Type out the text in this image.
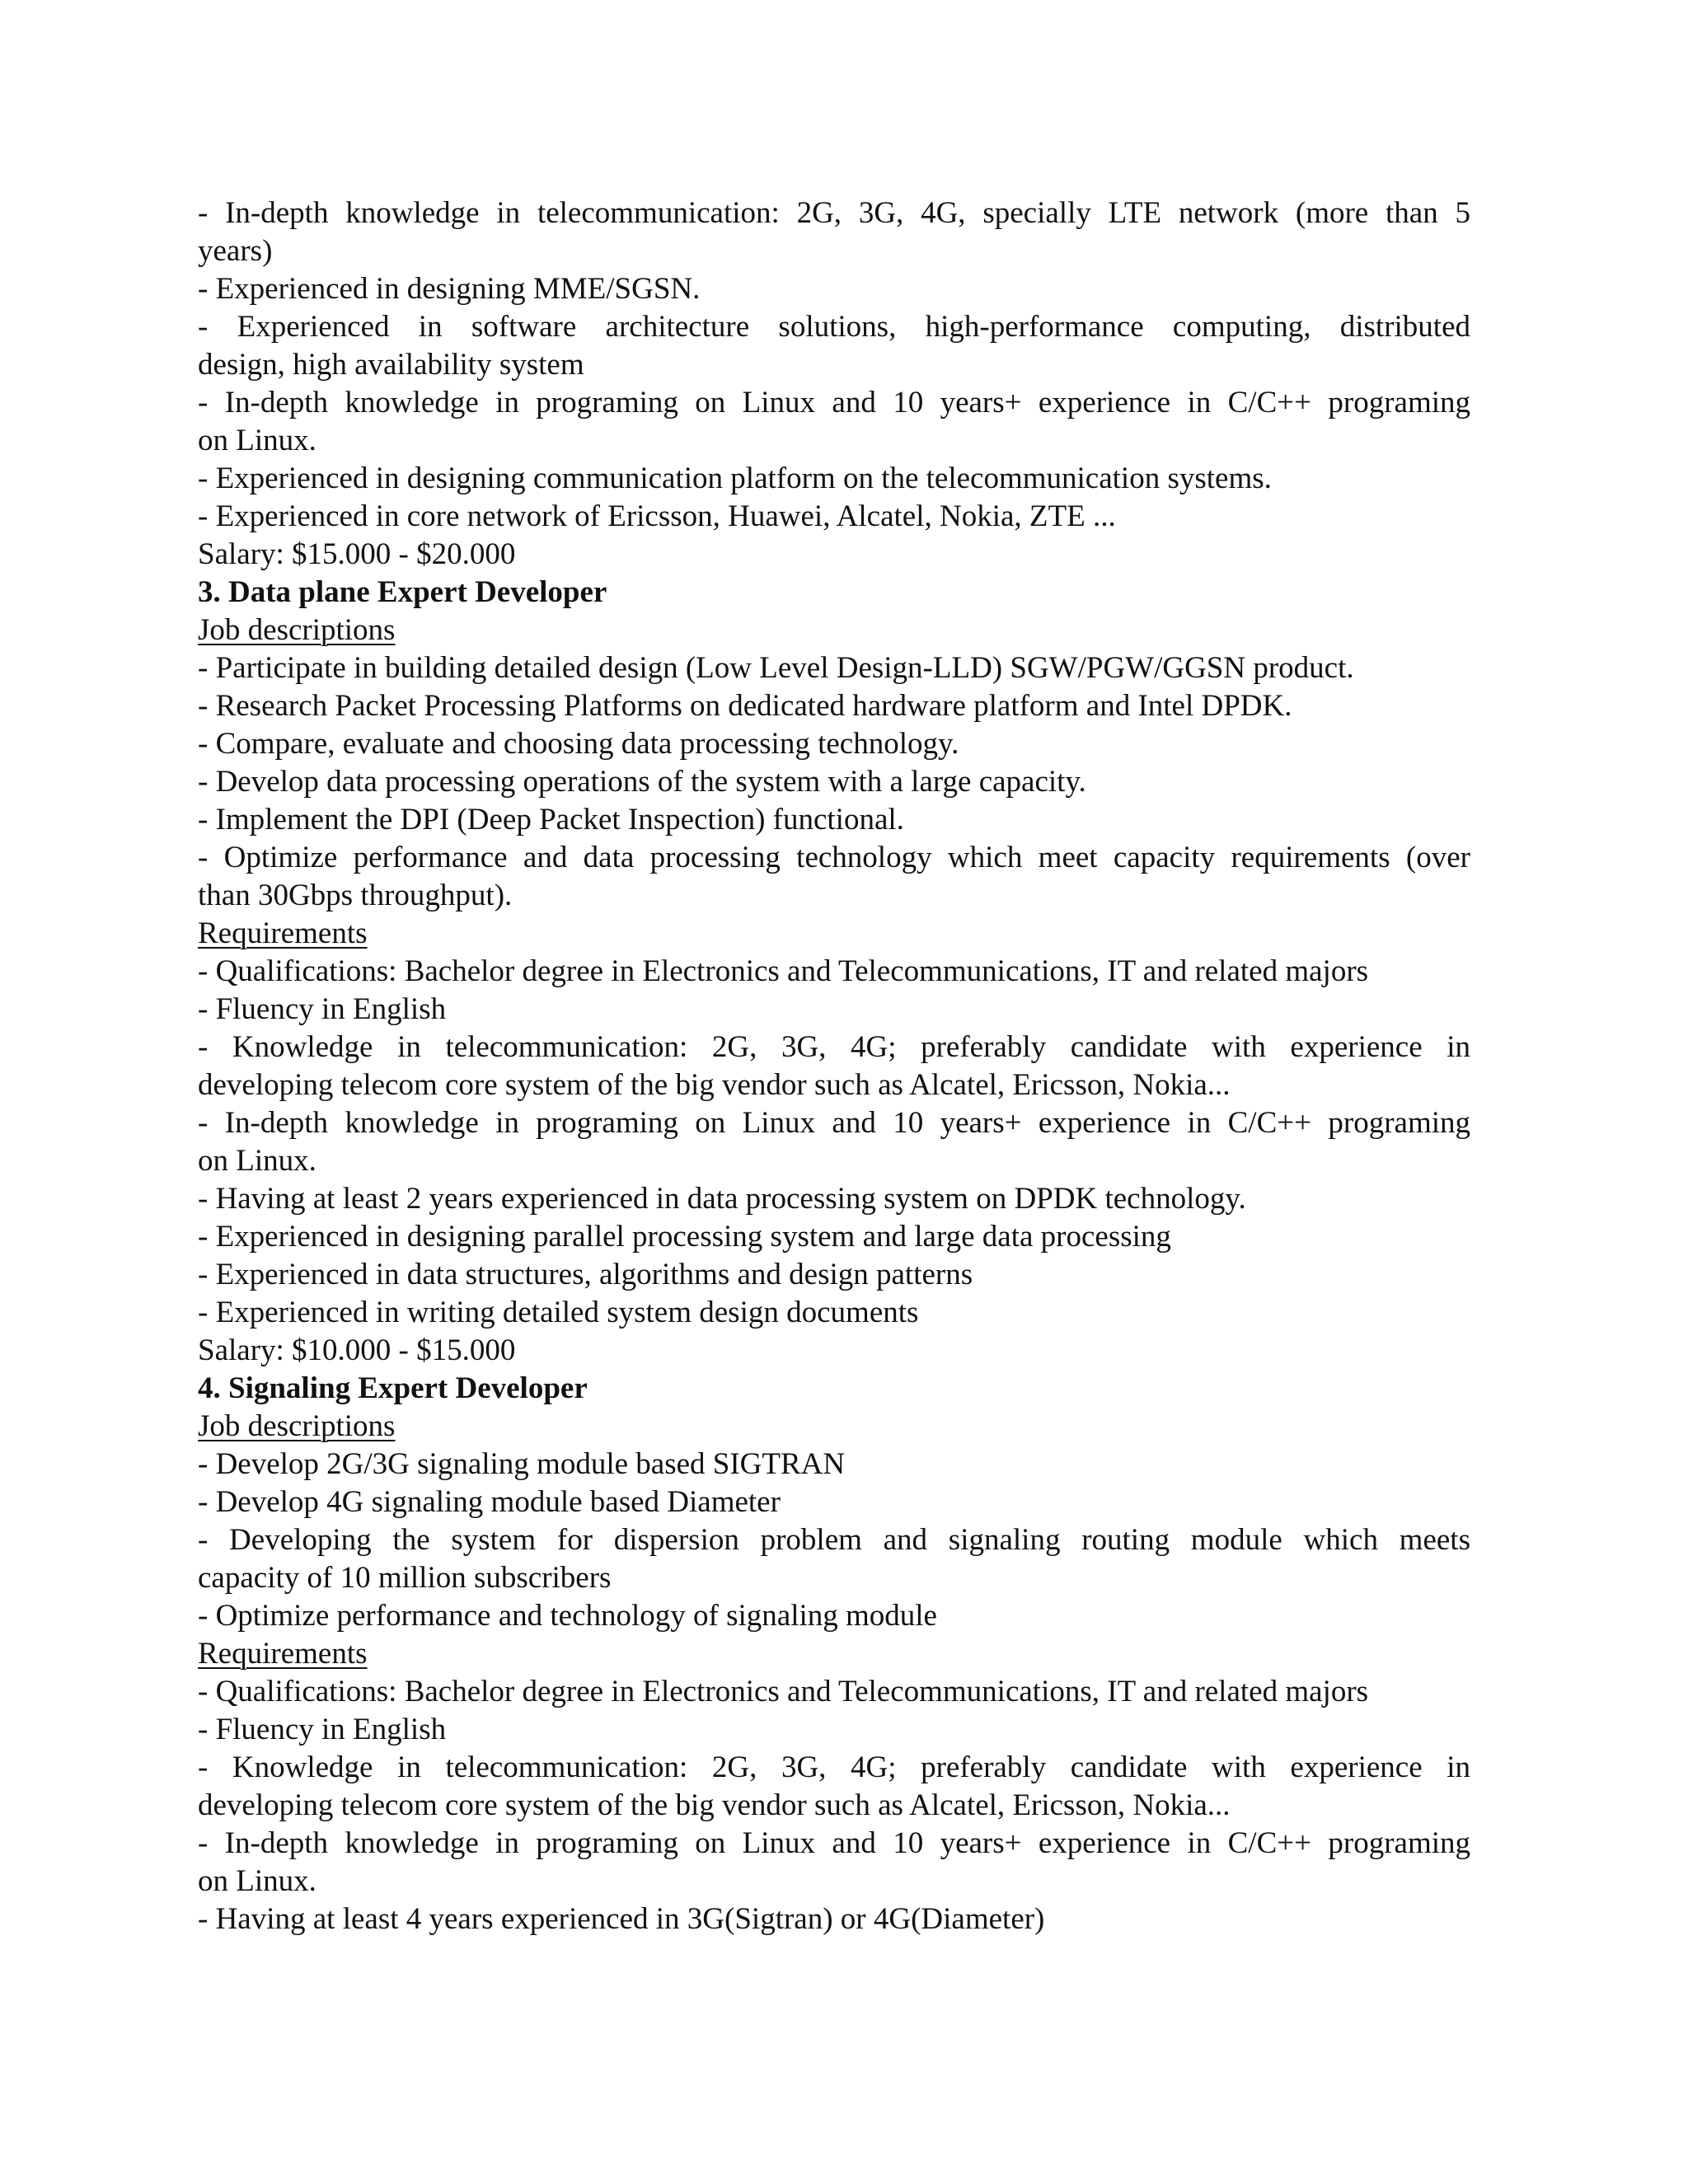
- In-depth knowledge in telecommunication: 2G, 3G, 4G, specially LTE network (more than 5
years)
- Experienced in designing MME/SGSN.
- Experienced in software architecture solutions, high-performance computing, distributed
design, high availability system
- In-depth knowledge in programing on Linux and 10 years+ experience in C/C++ programing
on Linux.
- Experienced in designing communication platform on the telecommunication systems.
- Experienced in core network of Ericsson, Huawei, Alcatel, Nokia, ZTE ...
Salary: $15.000 - $20.000
3. Data plane Expert Developer
Job descriptions
- Participate in building detailed design (Low Level Design-LLD) SGW/PGW/GGSN product.
- Research Packet Processing Platforms on dedicated hardware platform and Intel DPDK.
- Compare, evaluate and choosing data processing technology.
- Develop data processing operations of the system with a large capacity.
- Implement the DPI (Deep Packet Inspection) functional.
- Optimize performance and data processing technology which meet capacity requirements (over
than 30Gbps throughput).
Requirements
- Qualifications: Bachelor degree in Electronics and Telecommunications, IT and related majors
- Fluency in English
- Knowledge in telecommunication: 2G, 3G, 4G; preferably candidate with experience in
developing telecom core system of the big vendor such as Alcatel, Ericsson, Nokia...
- In-depth knowledge in programing on Linux and 10 years+ experience in C/C++ programing
on Linux.
- Having at least 2 years experienced in data processing system on DPDK technology.
- Experienced in designing parallel processing system and large data processing
- Experienced in data structures, algorithms and design patterns
- Experienced in writing detailed system design documents
Salary: $10.000 - $15.000
4. Signaling Expert Developer
Job descriptions
- Develop 2G/3G signaling module based SIGTRAN
- Develop 4G signaling module based Diameter
- Developing the system for dispersion problem and signaling routing module which meets
capacity of 10 million subscribers
- Optimize performance and technology of signaling module
Requirements
- Qualifications: Bachelor degree in Electronics and Telecommunications, IT and related majors
- Fluency in English
- Knowledge in telecommunication: 2G, 3G, 4G; preferably candidate with experience in
developing telecom core system of the big vendor such as Alcatel, Ericsson, Nokia...
- In-depth knowledge in programing on Linux and 10 years+ experience in C/C++ programing
on Linux.
- Having at least 4 years experienced in 3G(Sigtran) or 4G(Diameter)
